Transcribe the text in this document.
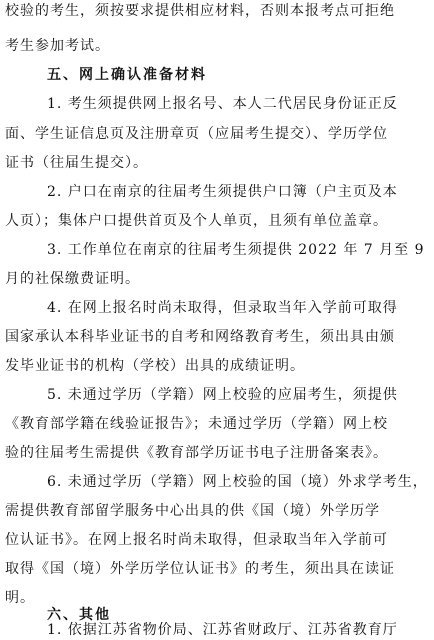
校验的考生，须按要求提供相应材料，否则本报考点可拒绝
考生参加考试。
五、网上确认准备材料
1. 考生须提供网上报名号、本人二代居民身份证正反
面、学生证信息页及注册章页（应届考生提交）、学历学位
证书（往届生提交）。
2. 户口在南京的往届考生须提供户口簿（户主页及本
人页）；集体户口提供首页及个人单页，且须有单位盖章。
3. 工作单位在南京的往届考生须提供 2022 年 7 月至 9
月的社保缴费证明。
4. 在网上报名时尚未取得，但录取当年入学前可取得
国家承认本科毕业证书的自考和网络教育考生，须出具由颁
发毕业证书的机构（学校）出具的成绩证明。
5. 未通过学历（学籍）网上校验的应届考生，须提供
《教育部学籍在线验证报告》；未通过学历（学籍）网上校
验的往届考生需提供《教育部学历证书电子注册备案表》。
6. 未通过学历（学籍）网上校验的国（境）外求学考生，
需提供教育部留学服务中心出具的供《国（境）外学历学
位认证书》。在网上报名时尚未取得，但录取当年入学前可
取得《国（境）外学历学位认证书》的考生，须出具在读证
明。
六、其他
1. 依据江苏省物价局、江苏省财政厅、江苏省教育厅
